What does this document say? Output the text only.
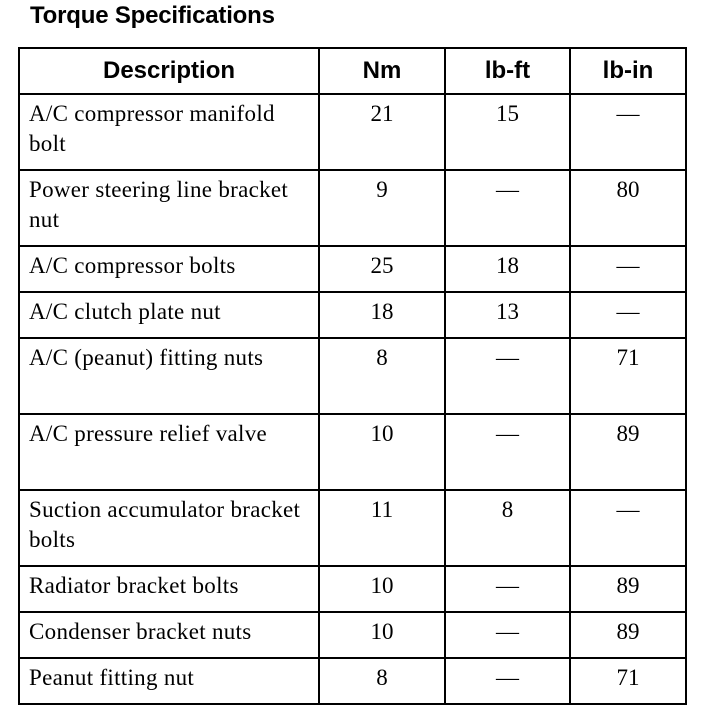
Torque Specifications
Description	Nm	lb-ft	lb-in
A/C compressor manifold bolt	21	15	—
Power steering line bracket nut	9	—	80
A/C compressor bolts	25	18	—
A/C clutch plate nut	18	13	—
A/C (peanut) fitting nuts	8	—	71
A/C pressure relief valve	10	—	89
Suction accumulator bracket bolts	11	8	—
Radiator bracket bolts	10	—	89
Condenser bracket nuts	10	—	89
Peanut fitting nut	8	—	71
